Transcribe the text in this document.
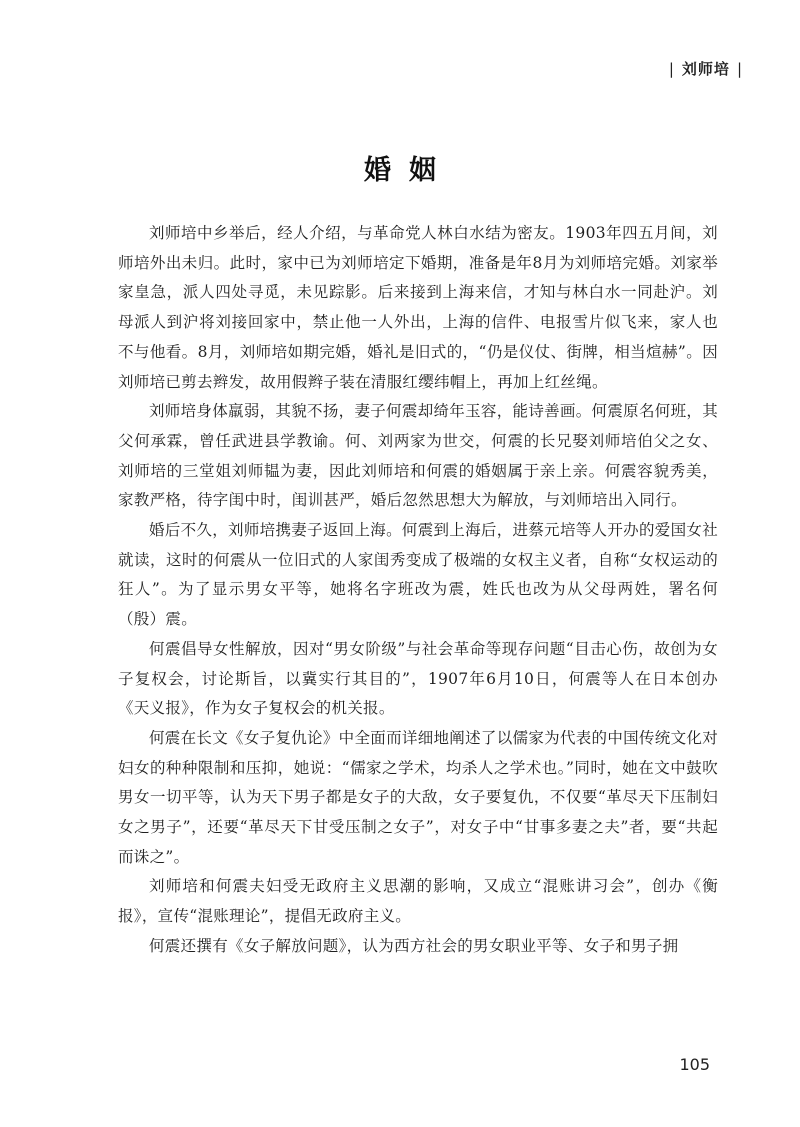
| 刘师培 |
婚姻

刘师培中乡举后，经人介绍，与革命党人林白水结为密友。1903年四五月间，刘师培外出未归。此时，家中已为刘师培定下婚期，准备是年8月为刘师培完婚。刘家举家皇急，派人四处寻觅，未见踪影。后来接到上海来信，才知与林白水一同赴沪。刘母派人到沪将刘接回家中，禁止他一人外出，上海的信件、电报雪片似飞来，家人也不与他看。8月，刘师培如期完婚，婚礼是旧式的，“仍是仪仗、街牌，相当煊赫”。因刘师培已剪去辫发，故用假辫子装在清服红缨纬帽上，再加上红丝绳。

刘师培身体羸弱，其貌不扬，妻子何震却绮年玉容，能诗善画。何震原名何班，其父何承霖，曾任武进县学教谕。何、刘两家为世交，何震的长兄娶刘师培伯父之女、刘师培的三堂姐刘师韫为妻，因此刘师培和何震的婚姻属于亲上亲。何震容貌秀美，家教严格，待字闺中时，闺训甚严，婚后忽然思想大为解放，与刘师培出入同行。

婚后不久，刘师培携妻子返回上海。何震到上海后，进蔡元培等人开办的爱国女社就读，这时的何震从一位旧式的人家闺秀变成了极端的女权主义者，自称“女权运动的狂人”。为了显示男女平等，她将名字班改为震，姓氏也改为从父母两姓，署名何（殷）震。

何震倡导女性解放，因对“男女阶级”与社会革命等现存问题“目击心伤，故创为女子复权会，讨论斯旨，以冀实行其目的”，1907年6月10日，何震等人在日本创办《天义报》，作为女子复权会的机关报。

何震在长文《女子复仇论》中全面而详细地阐述了以儒家为代表的中国传统文化对妇女的种种限制和压抑，她说：“儒家之学术，均杀人之学术也。”同时，她在文中鼓吹男女一切平等，认为天下男子都是女子的大敌，女子要复仇，不仅要“革尽天下压制妇女之男子”，还要“革尽天下甘受压制之女子”，对女子中“甘事多妻之夫”者，要“共起而诛之”。

刘师培和何震夫妇受无政府主义思潮的影响，又成立“混账讲习会”，创办《衡报》，宣传“混账理论”，提倡无政府主义。

何震还撰有《女子解放问题》，认为西方社会的男女职业平等、女子和男子拥

105
